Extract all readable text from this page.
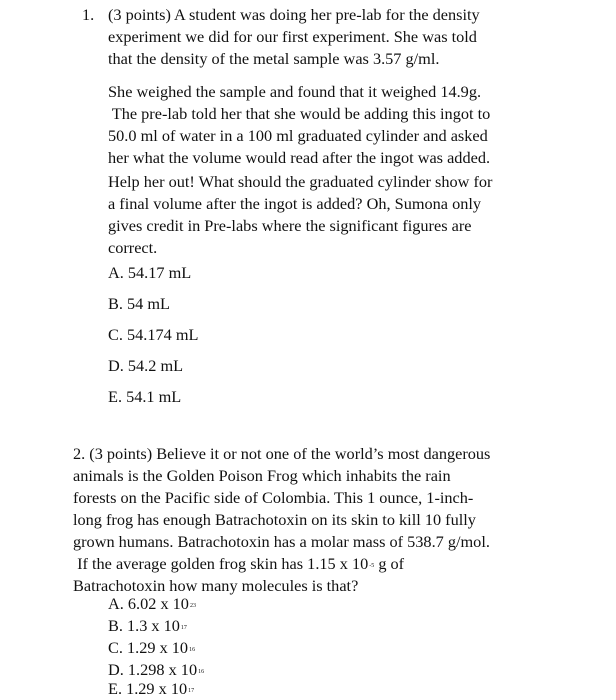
1. (3 points) A student was doing her pre-lab for the density
experiment we did for our first experiment. She was told
that the density of the metal sample was 3.57 g/ml.
She weighed the sample and found that it weighed 14.9g.
The pre-lab told her that she would be adding this ingot to
50.0 ml of water in a 100 ml graduated cylinder and asked
her what the volume would read after the ingot was added.
Help her out! What should the graduated cylinder show for
a final volume after the ingot is added? Oh, Sumona only
gives credit in Pre-labs where the significant figures are
correct.
A. 54.17 mL
B. 54 mL
C. 54.174 mL
D. 54.2 mL
E. 54.1 mL
2. (3 points) Believe it or not one of the world’s most dangerous
animals is the Golden Poison Frog which inhabits the rain
forests on the Pacific side of Colombia. This 1 ounce, 1-inch-
long frog has enough Batrachotoxin on its skin to kill 10 fully
grown humans. Batrachotoxin has a molar mass of 538.7 g/mol.
If the average golden frog skin has 1.15 x $10^{-5}$ g of
Batrachotoxin how many molecules is that?
A. 6.02 x $10^{23}$
B. 1.3 x $10^{17}$
C. 1.29 x $10^{16}$
D. 1.298 x $10^{16}$
E. 1.29 x $10^{17}$
